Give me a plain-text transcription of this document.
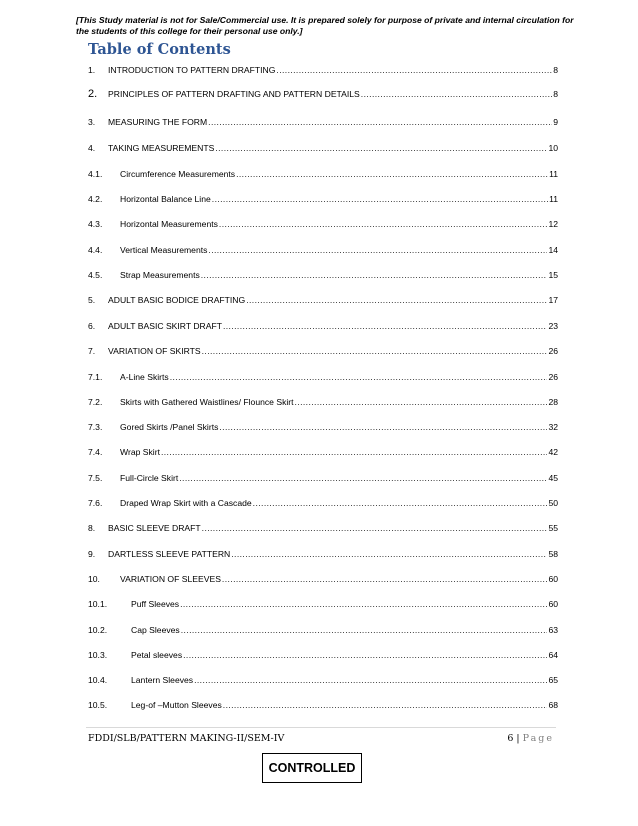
[This Study material is not for Sale/Commercial use. It is prepared solely for purpose of private and internal circulation for the students of this college for their personal use only.]
Table of Contents
1.	INTRODUCTION TO PATTERN DRAFTING .....	8
2.	PRINCIPLES OF PATTERN DRAFTING AND PATTERN DETAILS .....	8
3.	MEASURING THE FORM .....	9
4.	TAKING MEASUREMENTS .....	10
4.1.	Circumference Measurements .....	11
4.2.	Horizontal Balance Line .....	11
4.3.	Horizontal Measurements .....	12
4.4.	Vertical Measurements .....	14
4.5.	Strap Measurements .....	15
5.	ADULT BASIC BODICE DRAFTING .....	17
6.	ADULT BASIC SKIRT DRAFT .....	23
7.	VARIATION OF SKIRTS .....	26
7.1.	A-Line Skirts .....	26
7.2.	Skirts with Gathered Waistlines/ Flounce Skirt .....	28
7.3.	Gored Skirts /Panel Skirts .....	32
7.4.	Wrap Skirt .....	42
7.5.	Full-Circle Skirt .....	45
7.6.	Draped Wrap Skirt with a Cascade .....	50
8.	BASIC SLEEVE DRAFT .....	55
9.	DARTLESS SLEEVE PATTERN .....	58
10.	VARIATION OF SLEEVES .....	60
10.1.	Puff Sleeves .....	60
10.2.	Cap Sleeves .....	63
10.3.	Petal sleeves .....	64
10.4.	Lantern Sleeves .....	65
10.5.	Leg-of –Mutton Sleeves .....	68
FDDI/SLB/PATTERN MAKING-II/SEM-IV	6 | Page
CONTROLLED
